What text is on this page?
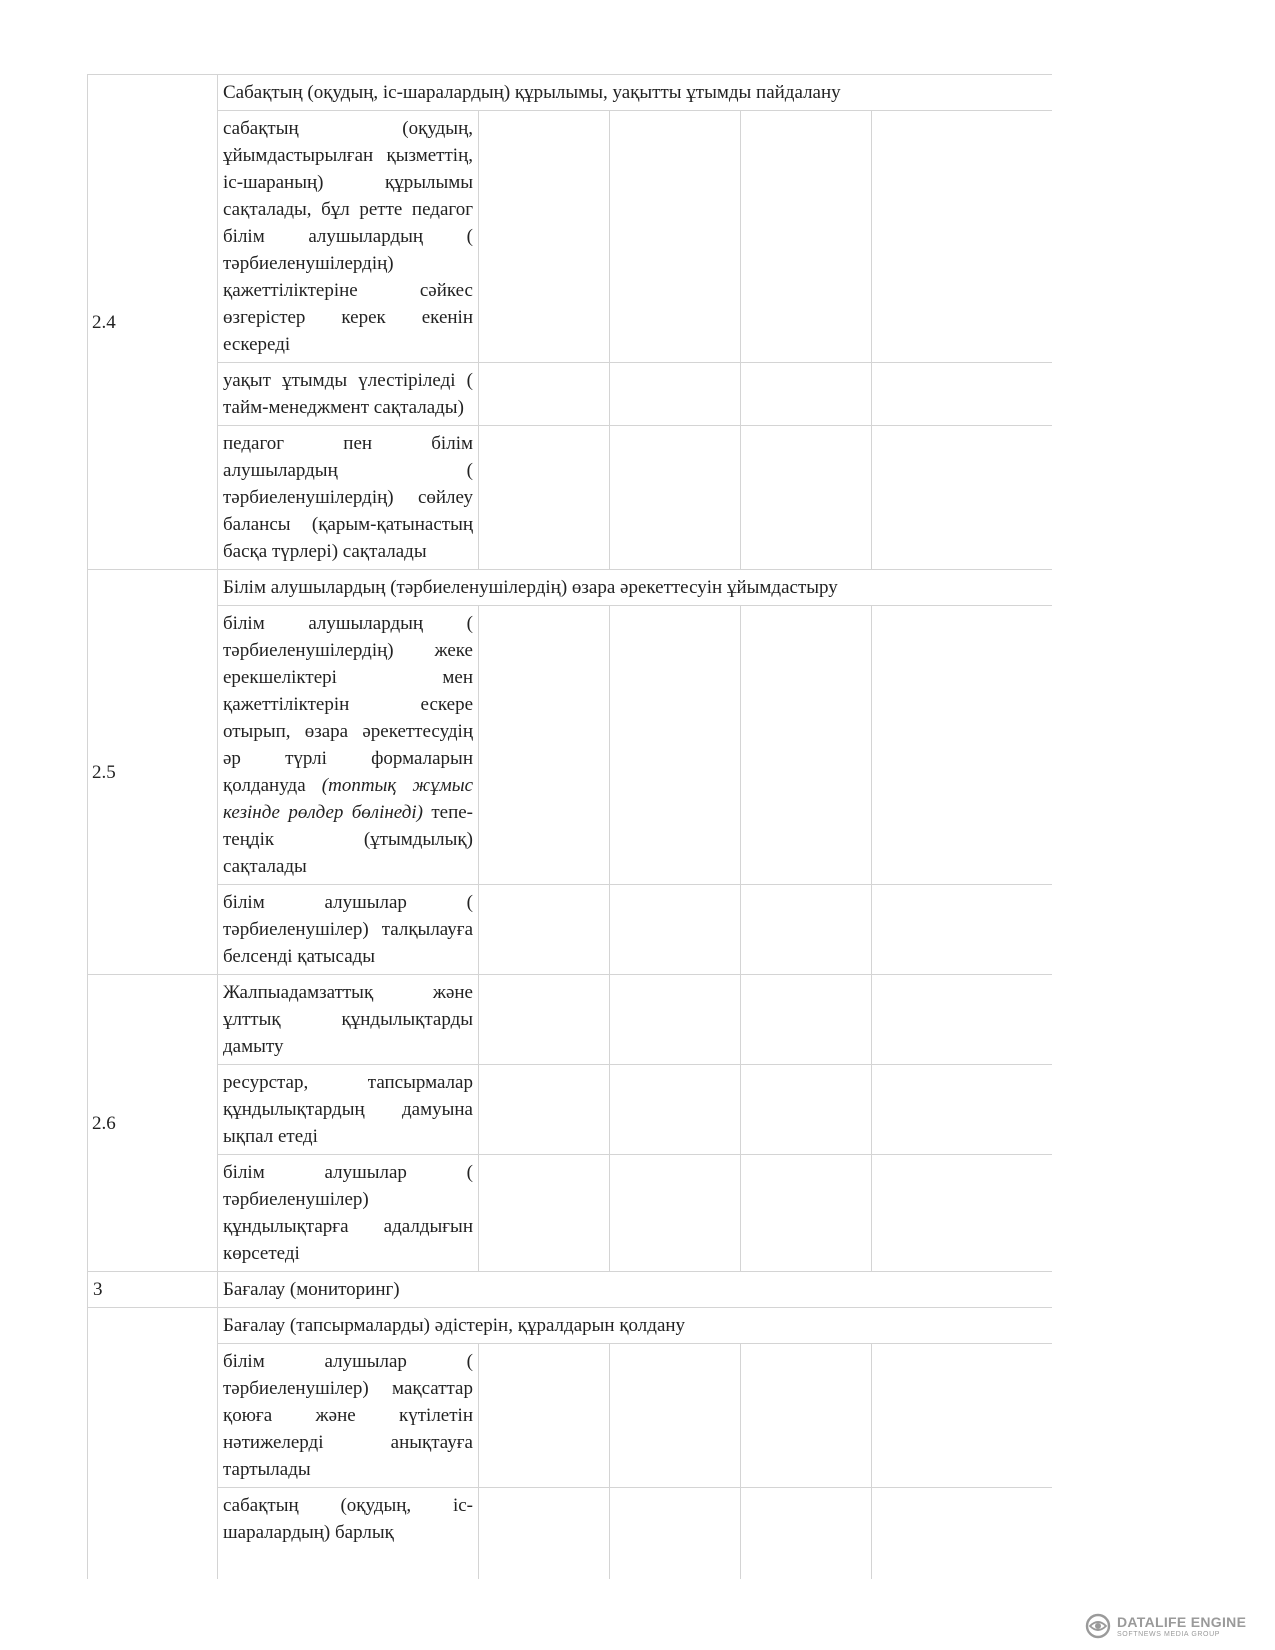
2.4	Сабақтың (оқудың, іс-шаралардың) құрылымы, уақытты ұтымды пайдалану				
	сабақтың (оқудың, ұйымдастырылған қызметтің, іс-шараның) құрылымы сақталады, бұл ретте педагог білім алушылардың ( тәрбиеленушілердің) қажеттіліктеріне сәйкес өзгерістер керек екенін ескереді				
	уақыт ұтымды үлестіріледі ( тайм-менеджмент сақталады)				
	педагог пен білім алушылардың ( тәрбиеленушілердің) сөйлеу балансы (қарым-қатынастың басқа түрлері) сақталады				
2.5	Білім алушылардың (тәрбиеленушілердің) өзара әрекеттесуін ұйымдастыру				
	білім алушылардың ( тәрбиеленушілердің) жеке ерекшеліктері мен қажеттіліктерін ескере отырып, өзара әрекеттесудің әр түрлі формаларын қолдануда (топтық жұмыс кезінде рөлдер бөлінеді) тепе-теңдік (ұтымдылық) сақталады				
	білім алушылар ( тәрбиеленушілер) талқылауға белсенді қатысады				
2.6	Жалпыадамзаттық және ұлттық құндылықтарды дамыту				
	ресурстар, тапсырмалар құндылықтардың дамуына ықпал етеді				
	білім алушылар ( тәрбиеленушілер) құндылықтарға адалдығын көрсетеді				
3	Бағалау (мониторинг)				
	Бағалау (тапсырмаларды) әдістерін, құралдарын қолдану				
	білім алушылар ( тәрбиеленушілер) мақсаттар қоюға және күтілетін нәтижелерді анықтауға тартылады				
	сабақтың (оқудың, іс-шаралардың) барлық				
DATALIFE ENGINE
SOFTNEWS MEDIA GROUP
